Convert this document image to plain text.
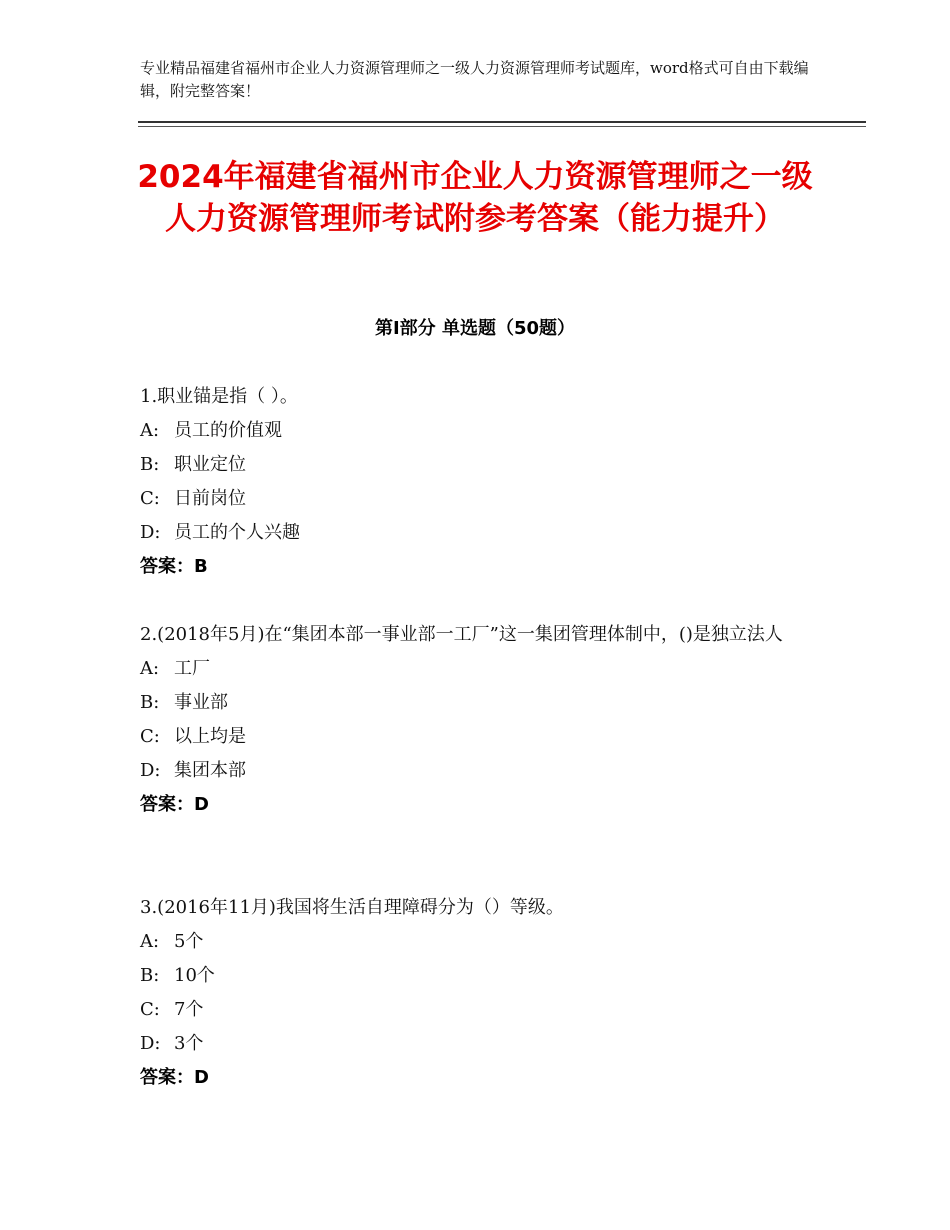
专业精品福建省福州市企业人力资源管理师之一级人力资源管理师考试题库，word格式可自由下载编辑，附完整答案！
2024年福建省福州市企业人力资源管理师之一级人力资源管理师考试附参考答案（能力提升）
第Ⅰ部分 单选题（50题）
1.职业锚是指（ ）。
A: 员工的价值观
B: 职业定位
C: 日前岗位
D: 员工的个人兴趣
答案：B
2.(2018年5月)在“集团本部一事业部一工厂”这一集团管理体制中，()是独立法人
A: 工厂
B: 事业部
C: 以上均是
D: 集团本部
答案：D
3.(2016年11月)我国将生活自理障碍分为（）等级。
A: 5个
B: 10个
C: 7个
D: 3个
答案：D
